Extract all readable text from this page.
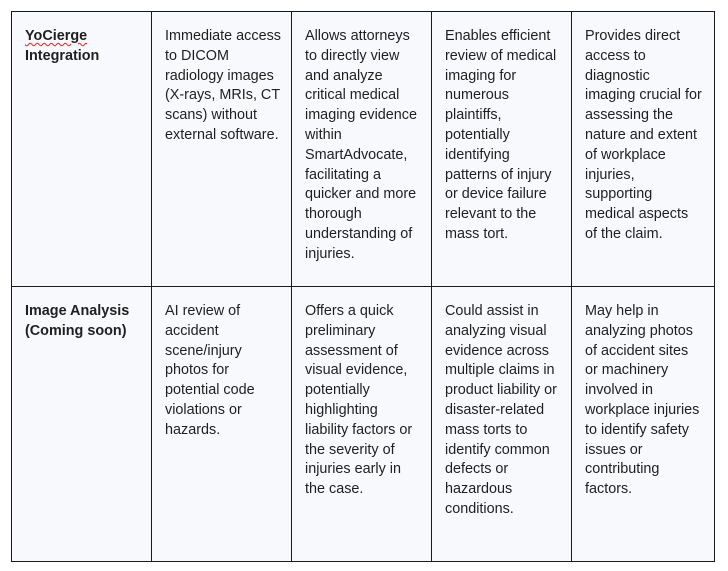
YoCierge Integration	Immediate access to DICOM radiology images (X-rays, MRIs, CT scans) without external software.	Allows attorneys to directly view and analyze critical medical imaging evidence within SmartAdvocate, facilitating a quicker and more thorough understanding of injuries.	Enables efficient review of medical imaging for numerous plaintiffs, potentially identifying patterns of injury or device failure relevant to the mass tort.	Provides direct access to diagnostic imaging crucial for assessing the nature and extent of workplace injuries, supporting medical aspects of the claim.
Image Analysis (Coming soon)	AI review of accident scene/injury photos for potential code violations or hazards.	Offers a quick preliminary assessment of visual evidence, potentially highlighting liability factors or the severity of injuries early in the case.	Could assist in analyzing visual evidence across multiple claims in product liability or disaster-related mass torts to identify common defects or hazardous conditions.	May help in analyzing photos of accident sites or machinery involved in workplace injuries to identify safety issues or contributing factors.
